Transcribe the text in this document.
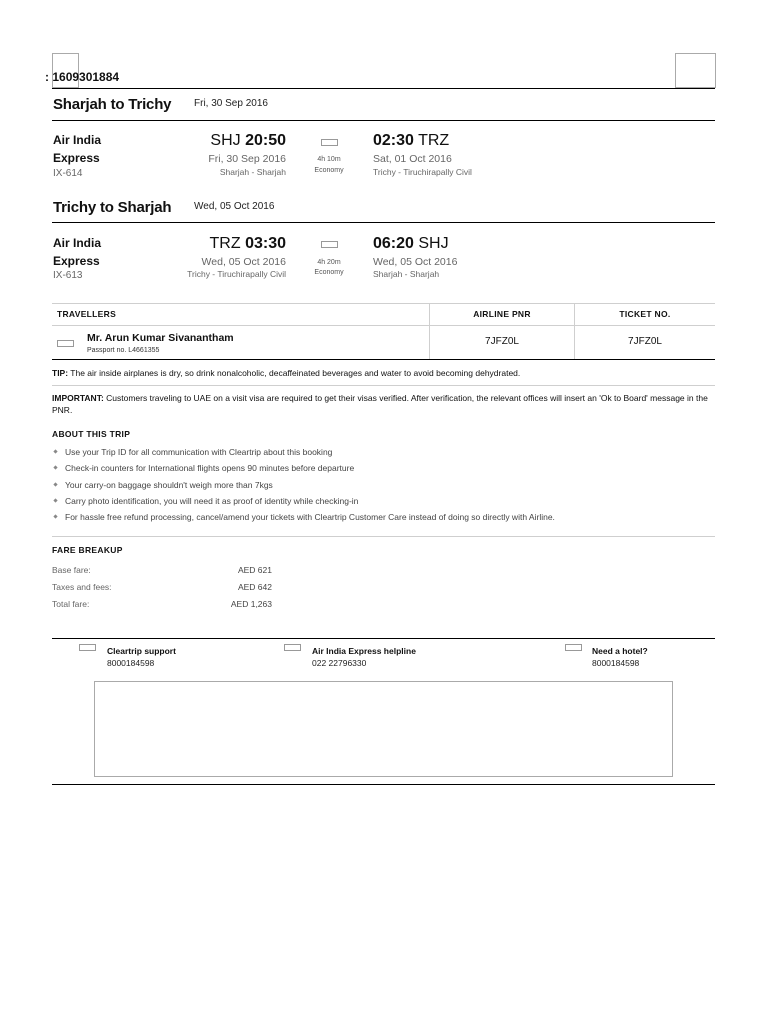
: 1609301884
Sharjah to Trichy Fri, 30 Sep 2016
Air India
Express
IX-614
SHJ 20:50
Fri, 30 Sep 2016
Sharjah - Sharjah
4h 10m
Economy
02:30 TRZ
Sat, 01 Oct 2016
Trichy - Tiruchirapally Civil
Trichy to Sharjah Wed, 05 Oct 2016
Air India
Express
IX-613
TRZ 03:30
Wed, 05 Oct 2016
Trichy - Tiruchirapally Civil
4h 20m
Economy
06:20 SHJ
Wed, 05 Oct 2016
Sharjah - Sharjah
TRAVELLERS	AIRLINE PNR	TICKET NO.
Mr. Arun Kumar Sivanantham
Passport no. L4661355
7JFZ0L	7JFZ0L
TIP: The air inside airplanes is dry, so drink nonalcoholic, decaffeinated beverages and water to avoid becoming dehydrated.
IMPORTANT: Customers traveling to UAE on a visit visa are required to get their visas verified. After verification, the relevant offices will insert an 'Ok to Board' message in the PNR.
ABOUT THIS TRIP
Use your Trip ID for all communication with Cleartrip about this booking
Check-in counters for International flights opens 90 minutes before departure
Your carry-on baggage shouldn't weigh more than 7kgs
Carry photo identification, you will need it as proof of identity while checking-in
For hassle free refund processing, cancel/amend your tickets with Cleartrip Customer Care instead of doing so directly with Airline.
FARE BREAKUP
Base fare:	AED 621
Taxes and fees:	AED 642
Total fare:	AED 1,263
Cleartrip support
8000184598
Air India Express helpline
022 22796330
Need a hotel?
8000184598
